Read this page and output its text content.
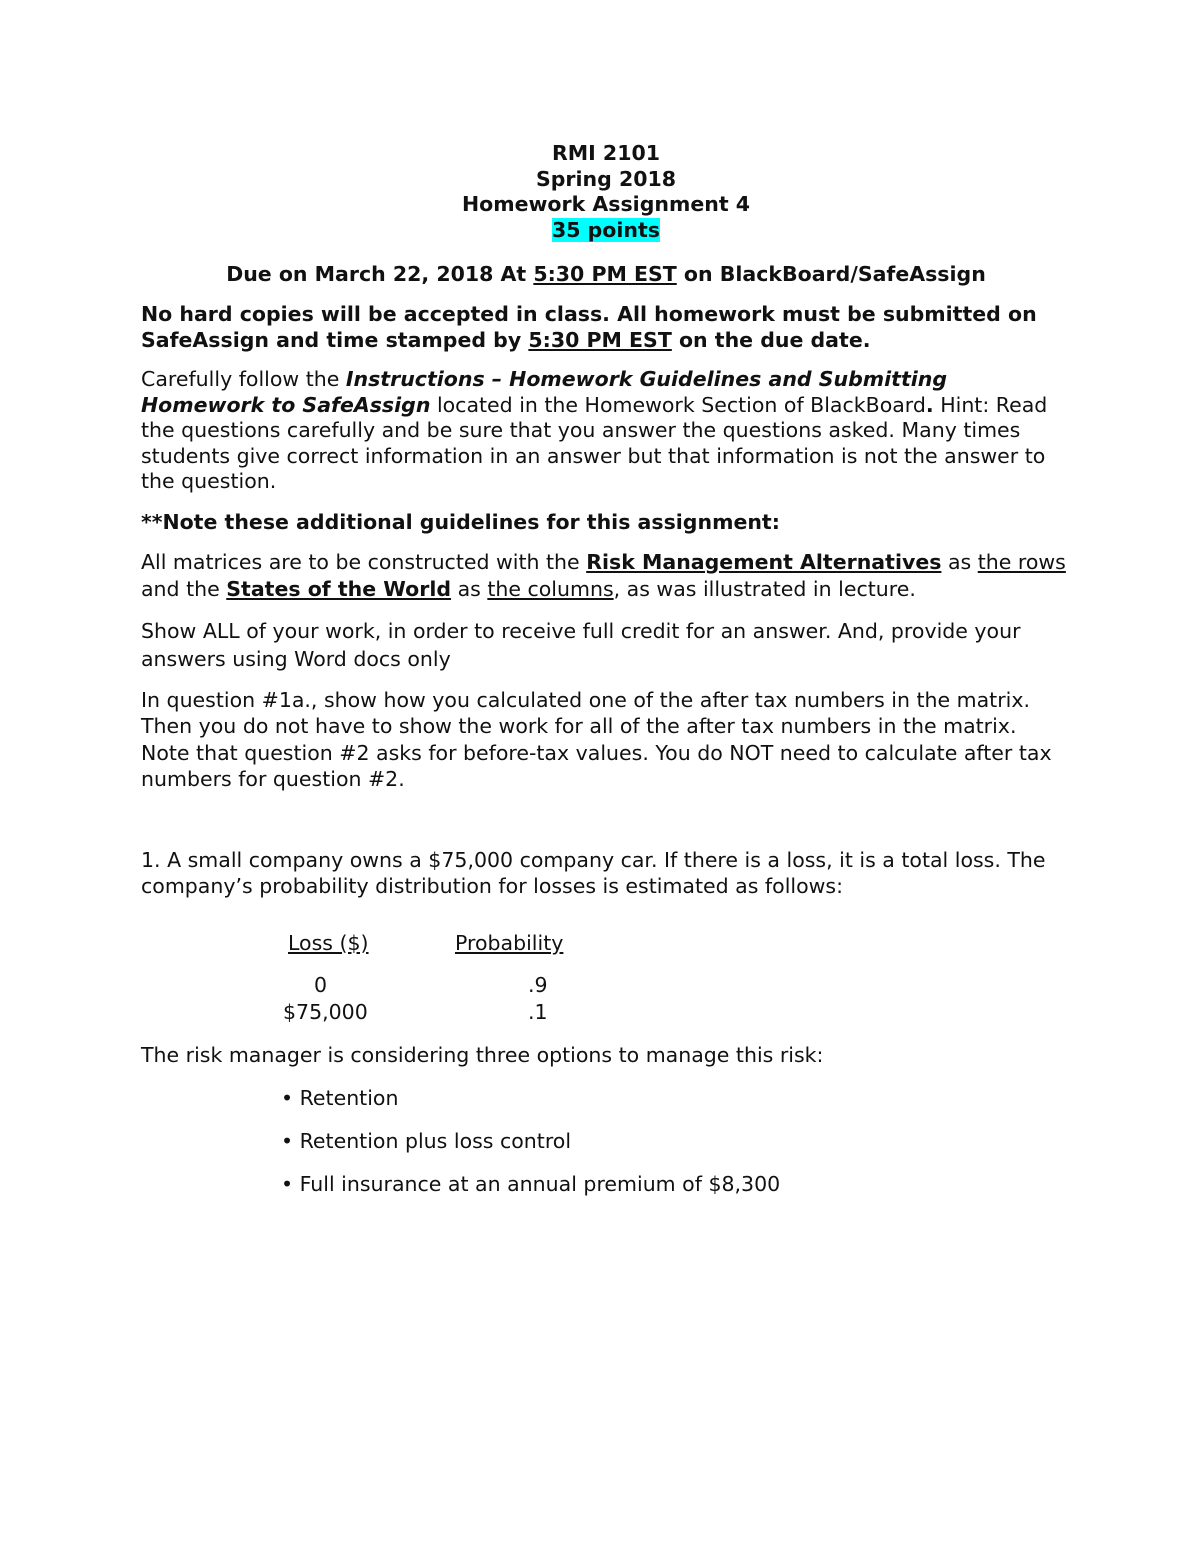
RMI 2101

Spring 2018

Homework Assignment 4

35 points

Due on March 22, 2018 At 5:30 PM EST on BlackBoard/SafeAssign

No hard copies will be accepted in class. All homework must be submitted on SafeAssign and time stamped by 5:30 PM EST on the due date.

Carefully follow the Instructions – Homework Guidelines and Submitting Homework to SafeAssign located in the Homework Section of BlackBoard. Hint: Read the questions carefully and be sure that you answer the questions asked. Many times students give correct information in an answer but that information is not the answer to the question.

**Note these additional guidelines for this assignment:

All matrices are to be constructed with the Risk Management Alternatives as the rows and the States of the World as the columns, as was illustrated in lecture.

Show ALL of your work, in order to receive full credit for an answer. And, provide your answers using Word docs only

In question #1a., show how you calculated one of the after tax numbers in the matrix. Then you do not have to show the work for all of the after tax numbers in the matrix. Note that question #2 asks for before-tax values. You do NOT need to calculate after tax numbers for question #2.

1. A small company owns a $75,000 company car. If there is a loss, it is a total loss. The company’s probability distribution for losses is estimated as follows:

Loss ($)	Probability
0	.9
$75,000	.1

The risk manager is considering three options to manage this risk:

• Retention
• Retention plus loss control
• Full insurance at an annual premium of $8,300
